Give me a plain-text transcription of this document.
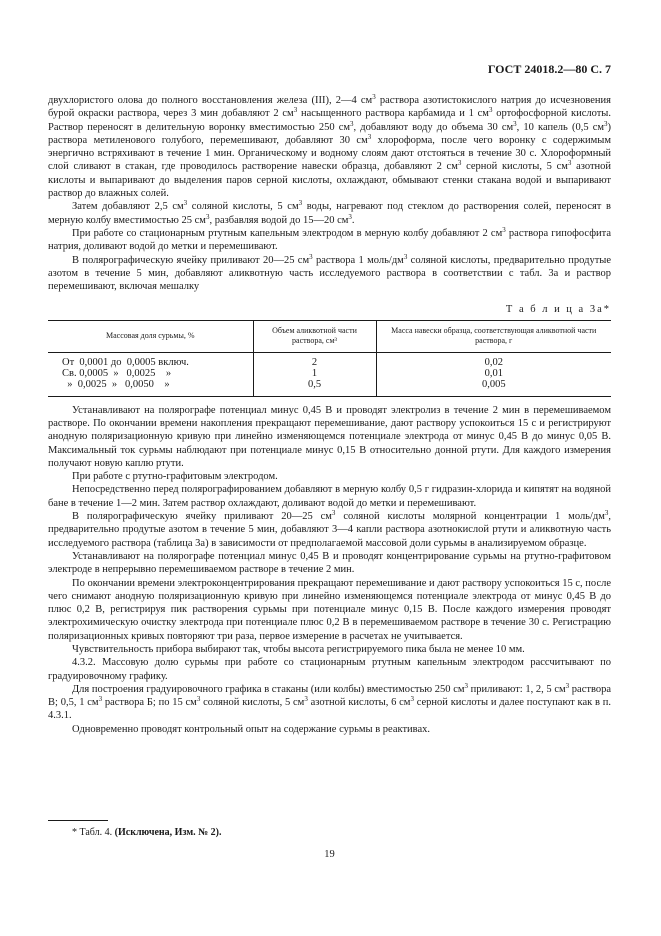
ГОСТ 24018.2—80 С. 7

двухлористого олова до полного восстановления железа (III), 2—4 $см^3$ раствора азотистокислого натрия до исчезновения бурой окраски раствора, через 3 мин добавляют 2 $см^3$ насыщенного раствора карбамида и 1 $см^3$ ортофосфорной кислоты. Раствор переносят в делительную воронку вместимостью 250 $см^3$, добавляют воду до объема 30 $см^3$, 10 капель (0,5 $см^3$) раствора метиленового голубого, перемешивают, добавляют 30 $см^3$ хлороформа, после чего воронку с содержимым энергично встряхивают в течение 1 мин. Органическому и водному слоям дают отстояться в течение 30 с. Хлороформный слой сливают в стакан, где проводилось растворение навески образца, добавляют 2 $см^3$ серной кислоты, 5 $см^3$ азотной кислоты и выпаривают до выделения паров серной кислоты, охлаждают, обмывают стенки стакана водой и выпаривают раствор до влажных солей.

Затем добавляют 2,5 $см^3$ соляной кислоты, 5 $см^3$ воды, нагревают под стеклом до растворения солей, переносят в мерную колбу вместимостью 25 $см^3$, разбавляя водой до 15—20 $см^3$.

При работе со стационарным ртутным капельным электродом в мерную колбу добавляют 2 $см^3$ раствора гипофосфита натрия, доливают водой до метки и перемешивают.

В полярографическую ячейку приливают 20—25 $см^3$ раствора 1 моль/$дм^3$ соляной кислоты, предварительно продутые азотом в течение 5 мин, добавляют аликвотную часть исследуемого раствора в соответствии с табл. 3а и раствор перемешивают, включая мешалку

Т а б л и ц а 3а*
Массовая доля сурьмы, %	Объем аликвотной части раствора, см³	Масса навески образца, соответствующая аликвотной части раствора, г
От  0,0001 до  0,0005 включ.	2	0,02
Св. 0,0005  »   0,0025    »	1	0,01
»  0,0025  »   0,0050    »	0,5	0,005

Устанавливают на полярографе потенциал минус 0,45 В и проводят электролиз в течение 2 мин в перемешиваемом растворе. По окончании времени накопления прекращают перемешивание, дают раствору успокоиться 15 с и регистрируют анодную поляризационную кривую при линейно изменяющемся потенциале электрода от минус 0,45 В до минус 0,05 В. Максимальный ток сурьмы наблюдают при потенциале минус 0,15 В относительно донной ртути. Для каждого измерения получают новую каплю ртути.

При работе с ртутно-графитовым электродом.

Непосредственно перед полярографированием добавляют в мерную колбу 0,5 г гидразин-хлорида и кипятят на водяной бане в течение 1—2 мин. Затем раствор охлаждают, доливают водой до метки и перемешивают.

В полярографическую ячейку приливают 20—25 $см^3$ соляной кислоты молярной концентрации 1 моль/$дм^3$, предварительно продутые азотом в течение 5 мин, добавляют 3—4 капли раствора азотнокислой ртути и аликвотную часть исследуемого раствора (таблица 3а) в зависимости от предполагаемой массовой доли сурьмы в анализируемом образце.

Устанавливают на полярографе потенциал минус 0,45 В и проводят концентрирование сурьмы на ртутно-графитовом электроде в непрерывно перемешиваемом растворе в течение 2 мин.

По окончании времени электроконцентрирования прекращают перемешивание и дают раствору успокоиться 15 с, после чего снимают анодную поляризационную кривую при линейно изменяющемся потенциале электрода от минус 0,45 В до плюс 0,2 В, регистрируя пик растворения сурьмы при потенциале минус 0,15 В. После каждого измерения проводят электрохимическую очистку электрода при потенциале плюс 0,2 В в перемешиваемом растворе в течение 30 с. Регистрацию поляризационных кривых повторяют три раза, первое измерение в расчетах не учитывается.

Чувствительность прибора выбирают так, чтобы высота регистрируемого пика была не менее 10 мм.

4.3.2. Массовую долю сурьмы при работе со стационарным ртутным капельным электродом рассчитывают по градуировочному графику.

Для построения градуировочного графика в стаканы (или колбы) вместимостью 250 $см^3$ приливают: 1, 2, 5 $см^3$ раствора В; 0,5, 1 $см^3$ раствора Б; по 15 $см^3$ соляной кислоты, 5 $см^3$ азотной кислоты, 6 $см^3$ серной кислоты и далее поступают как в п. 4.3.1.

Одновременно проводят контрольный опыт на содержание сурьмы в реактивах.

* Табл. 4. (Исключена, Изм. № 2).
19
